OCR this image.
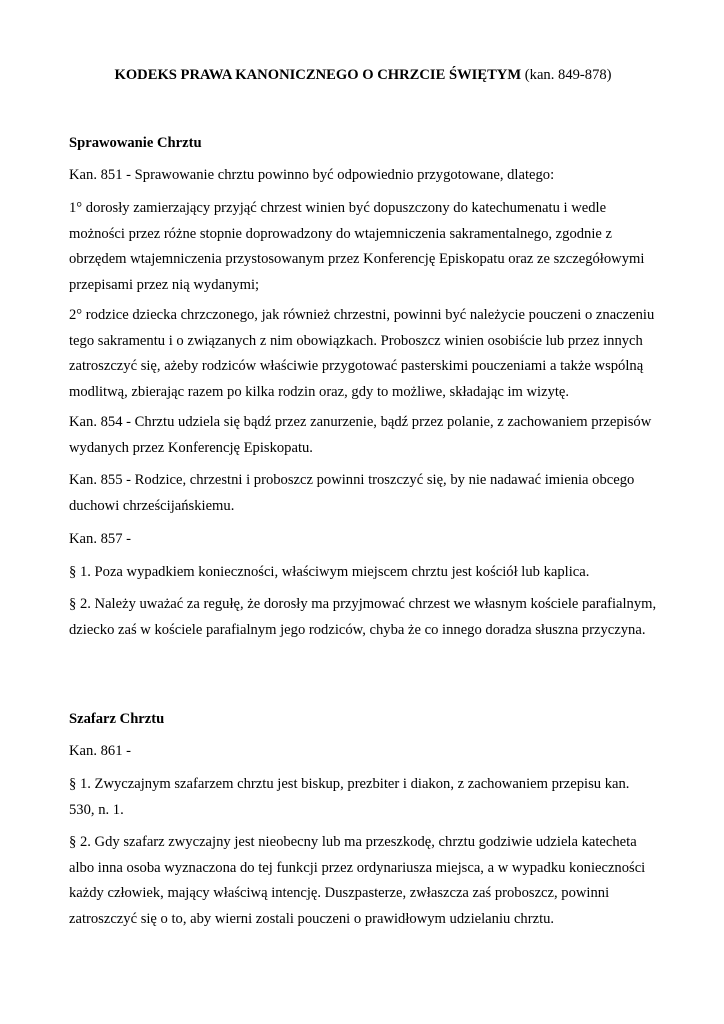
KODEKS PRAWA KANONICZNEGO O CHRZCIE ŚWIĘTYM (kan. 849-878)

Sprawowanie Chrztu

Kan. 851 - Sprawowanie chrztu powinno być odpowiednio przygotowane, dlatego:

1° dorosły zamierzający przyjąć chrzest winien być dopuszczony do katechumenatu i wedle możności przez różne stopnie doprowadzony do wtajemniczenia sakramentalnego, zgodnie z obrzędem wtajemniczenia przystosowanym przez Konferencję Episkopatu oraz ze szczegółowymi przepisami przez nią wydanymi;

2° rodzice dziecka chrzczonego, jak również chrzestni, powinni być należycie pouczeni o znaczeniu tego sakramentu i o związanych z nim obowiązkach. Proboszcz winien osobiście lub przez innych zatroszczyć się, ażeby rodziców właściwie przygotować pasterskimi pouczeniami a także wspólną modlitwą, zbierając razem po kilka rodzin oraz, gdy to możliwe, składając im wizytę.

Kan. 854 - Chrztu udziela się bądź przez zanurzenie, bądź przez polanie, z zachowaniem przepisów wydanych przez Konferencję Episkopatu.

Kan. 855 - Rodzice, chrzestni i proboszcz powinni troszczyć się, by nie nadawać imienia obcego duchowi chrześcijańskiemu.

Kan. 857 -

§ 1. Poza wypadkiem konieczności, właściwym miejscem chrztu jest kościół lub kaplica.

§ 2. Należy uważać za regułę, że dorosły ma przyjmować chrzest we własnym kościele parafialnym, dziecko zaś w kościele parafialnym jego rodziców, chyba że co innego doradza słuszna przyczyna.

Szafarz Chrztu

Kan. 861 -

§ 1. Zwyczajnym szafarzem chrztu jest biskup, prezbiter i diakon, z zachowaniem przepisu kan. 530, n. 1.

§ 2. Gdy szafarz zwyczajny jest nieobecny lub ma przeszkodę, chrztu godziwie udziela katecheta albo inna osoba wyznaczona do tej funkcji przez ordynariusza miejsca, a w wypadku konieczności każdy człowiek, mający właściwą intencję. Duszpasterze, zwłaszcza zaś proboszcz, powinni zatroszczyć się o to, aby wierni zostali pouczeni o prawidłowym udzielaniu chrztu.
